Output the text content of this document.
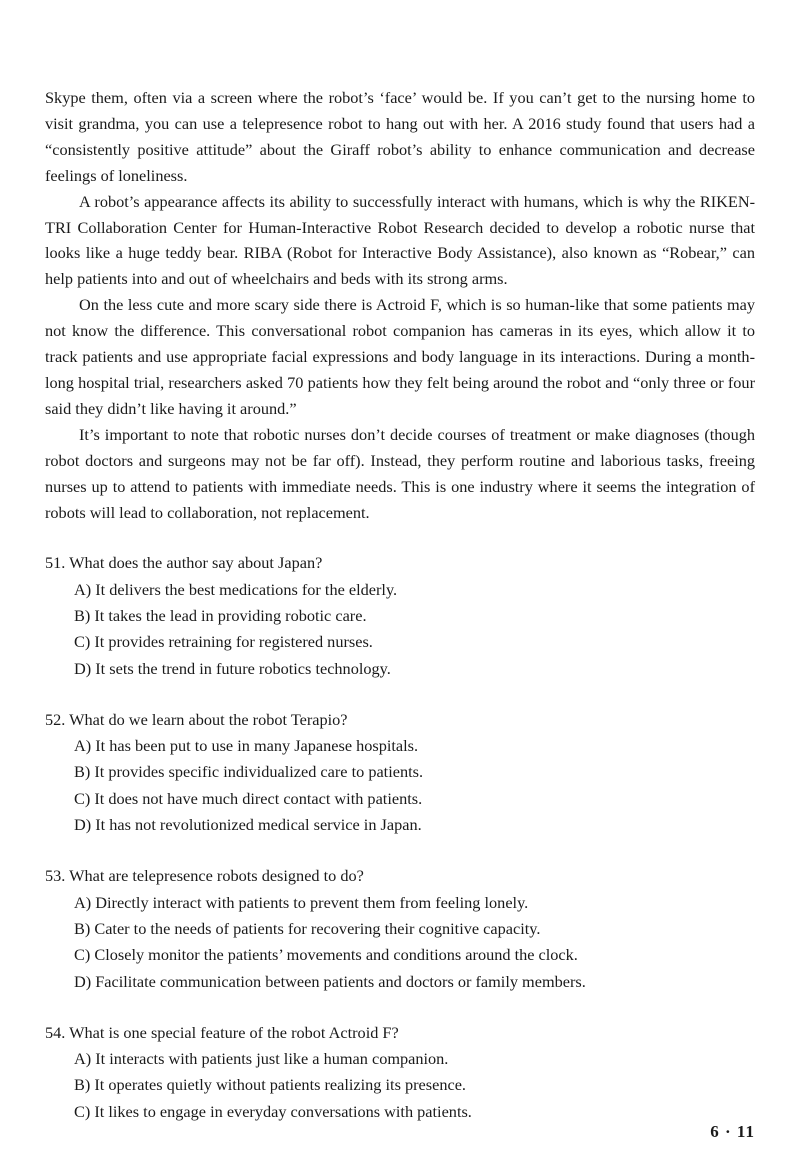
Skype them, often via a screen where the robot’s ‘face’ would be. If you can’t get to the nursing home to visit grandma, you can use a telepresence robot to hang out with her. A 2016 study found that users had a “consistently positive attitude” about the Giraff robot’s ability to enhance communication and decrease feelings of loneliness.

A robot’s appearance affects its ability to successfully interact with humans, which is why the RIKEN-TRI Collaboration Center for Human-Interactive Robot Research decided to develop a robotic nurse that looks like a huge teddy bear. RIBA (Robot for Interactive Body Assistance), also known as “Robear,” can help patients into and out of wheelchairs and beds with its strong arms.

On the less cute and more scary side there is Actroid F, which is so human-like that some patients may not know the difference. This conversational robot companion has cameras in its eyes, which allow it to track patients and use appropriate facial expressions and body language in its interactions. During a month-long hospital trial, researchers asked 70 patients how they felt being around the robot and “only three or four said they didn’t like having it around.”

It’s important to note that robotic nurses don’t decide courses of treatment or make diagnoses (though robot doctors and surgeons may not be far off). Instead, they perform routine and laborious tasks, freeing nurses up to attend to patients with immediate needs. This is one industry where it seems the integration of robots will lead to collaboration, not replacement.

51. What does the author say about Japan?
A) It delivers the best medications for the elderly.
B) It takes the lead in providing robotic care.
C) It provides retraining for registered nurses.
D) It sets the trend in future robotics technology.
52. What do we learn about the robot Terapio?
A) It has been put to use in many Japanese hospitals.
B) It provides specific individualized care to patients.
C) It does not have much direct contact with patients.
D) It has not revolutionized medical service in Japan.
53. What are telepresence robots designed to do?
A) Directly interact with patients to prevent them from feeling lonely.
B) Cater to the needs of patients for recovering their cognitive capacity.
C) Closely monitor the patients’ movements and conditions around the clock.
D) Facilitate communication between patients and doctors or family members.
54. What is one special feature of the robot Actroid F?
A) It interacts with patients just like a human companion.
B) It operates quietly without patients realizing its presence.
C) It likes to engage in everyday conversations with patients.
6 · 11
